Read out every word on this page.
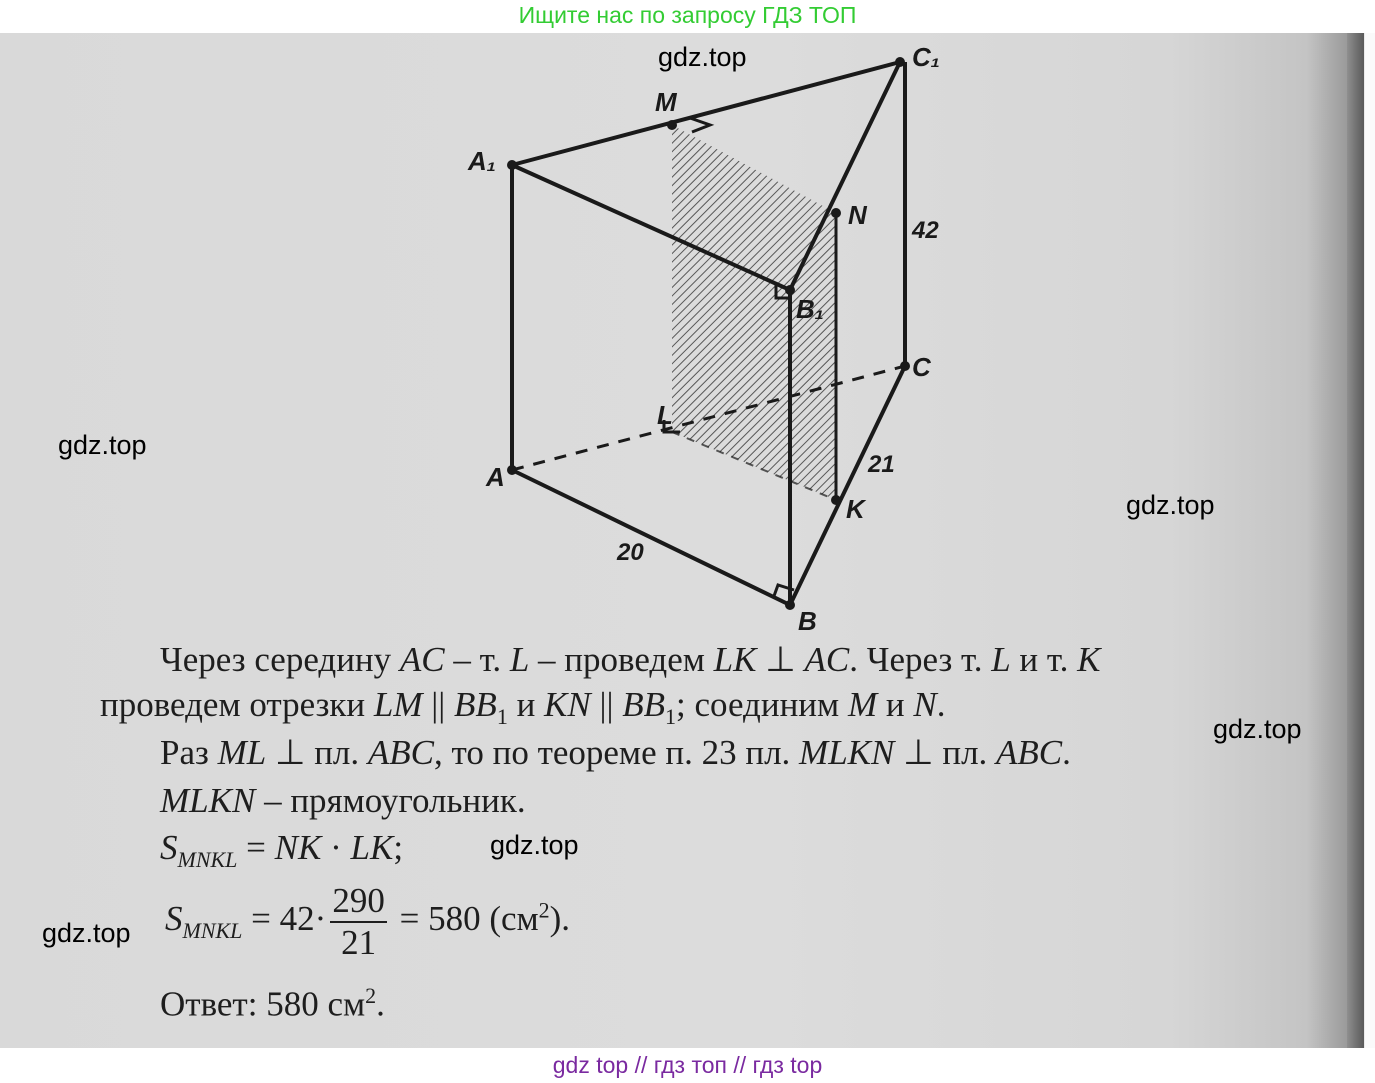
Ищите нас по запросу ГДЗ ТОП
A₁
C₁
B₁
A
B
C
M
N
L
K
20
21
42
Через середину AC – т. L – проведем LK ⊥ AC. Через т. L и т. K
проведем отрезки LM || $BB_1$ и KN || $BB_1$; соединим M и N.
Раз ML ⊥ пл. ABC, то по теореме п. 23 пл. MLKN ⊥ пл. ABC.
MLKN – прямоугольник.
$S_{MNKL}$ = NK · LK;
$S_{MNKL} = 42\cdot \frac{290}{21} = 580$ $(см^2)$.
Ответ: 580 $см^2$.
gdz.top
gdz.top
gdz.top
gdz.top
gdz.top
gdz.top
gdz top // гдз топ // гдз top
